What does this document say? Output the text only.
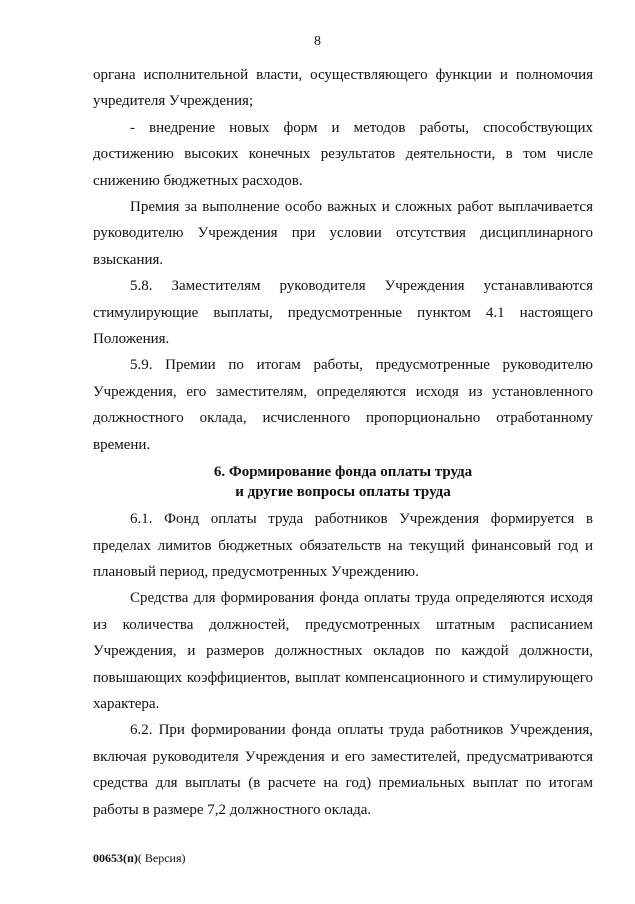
8

органа исполнительной власти, осуществляющего функции и полномочия учредителя Учреждения;

- внедрение новых форм и методов работы, способствующих достижению высоких конечных результатов деятельности, в том числе снижению бюджетных расходов.

Премия за выполнение особо важных и сложных работ выплачивается руководителю Учреждения при условии отсутствия дисциплинарного взыскания.

5.8. Заместителям руководителя Учреждения устанавливаются стимулирующие выплаты, предусмотренные пунктом 4.1 настоящего Положения.

5.9. Премии по итогам работы, предусмотренные руководителю Учреждения, его заместителям, определяются исходя из установленного должностного оклада, исчисленного пропорционально отработанному времени.

6. Формирование фонда оплаты труда
и другие вопросы оплаты труда

6.1. Фонд оплаты труда работников Учреждения формируется в пределах лимитов бюджетных обязательств на текущий финансовый год и плановый период, предусмотренных Учреждению.

Средства для формирования фонда оплаты труда определяются исходя из количества должностей, предусмотренных штатным расписанием Учреждения, и размеров должностных окладов по каждой должности, повышающих коэффициентов, выплат компенсационного и стимулирующего характера.

6.2. При формировании фонда оплаты труда работников Учреждения, включая руководителя Учреждения и его заместителей, предусматриваются средства для выплаты (в расчете на год) премиальных выплат по итогам работы в размере 7,2 должностного оклада.

00653(п)( Версия)
